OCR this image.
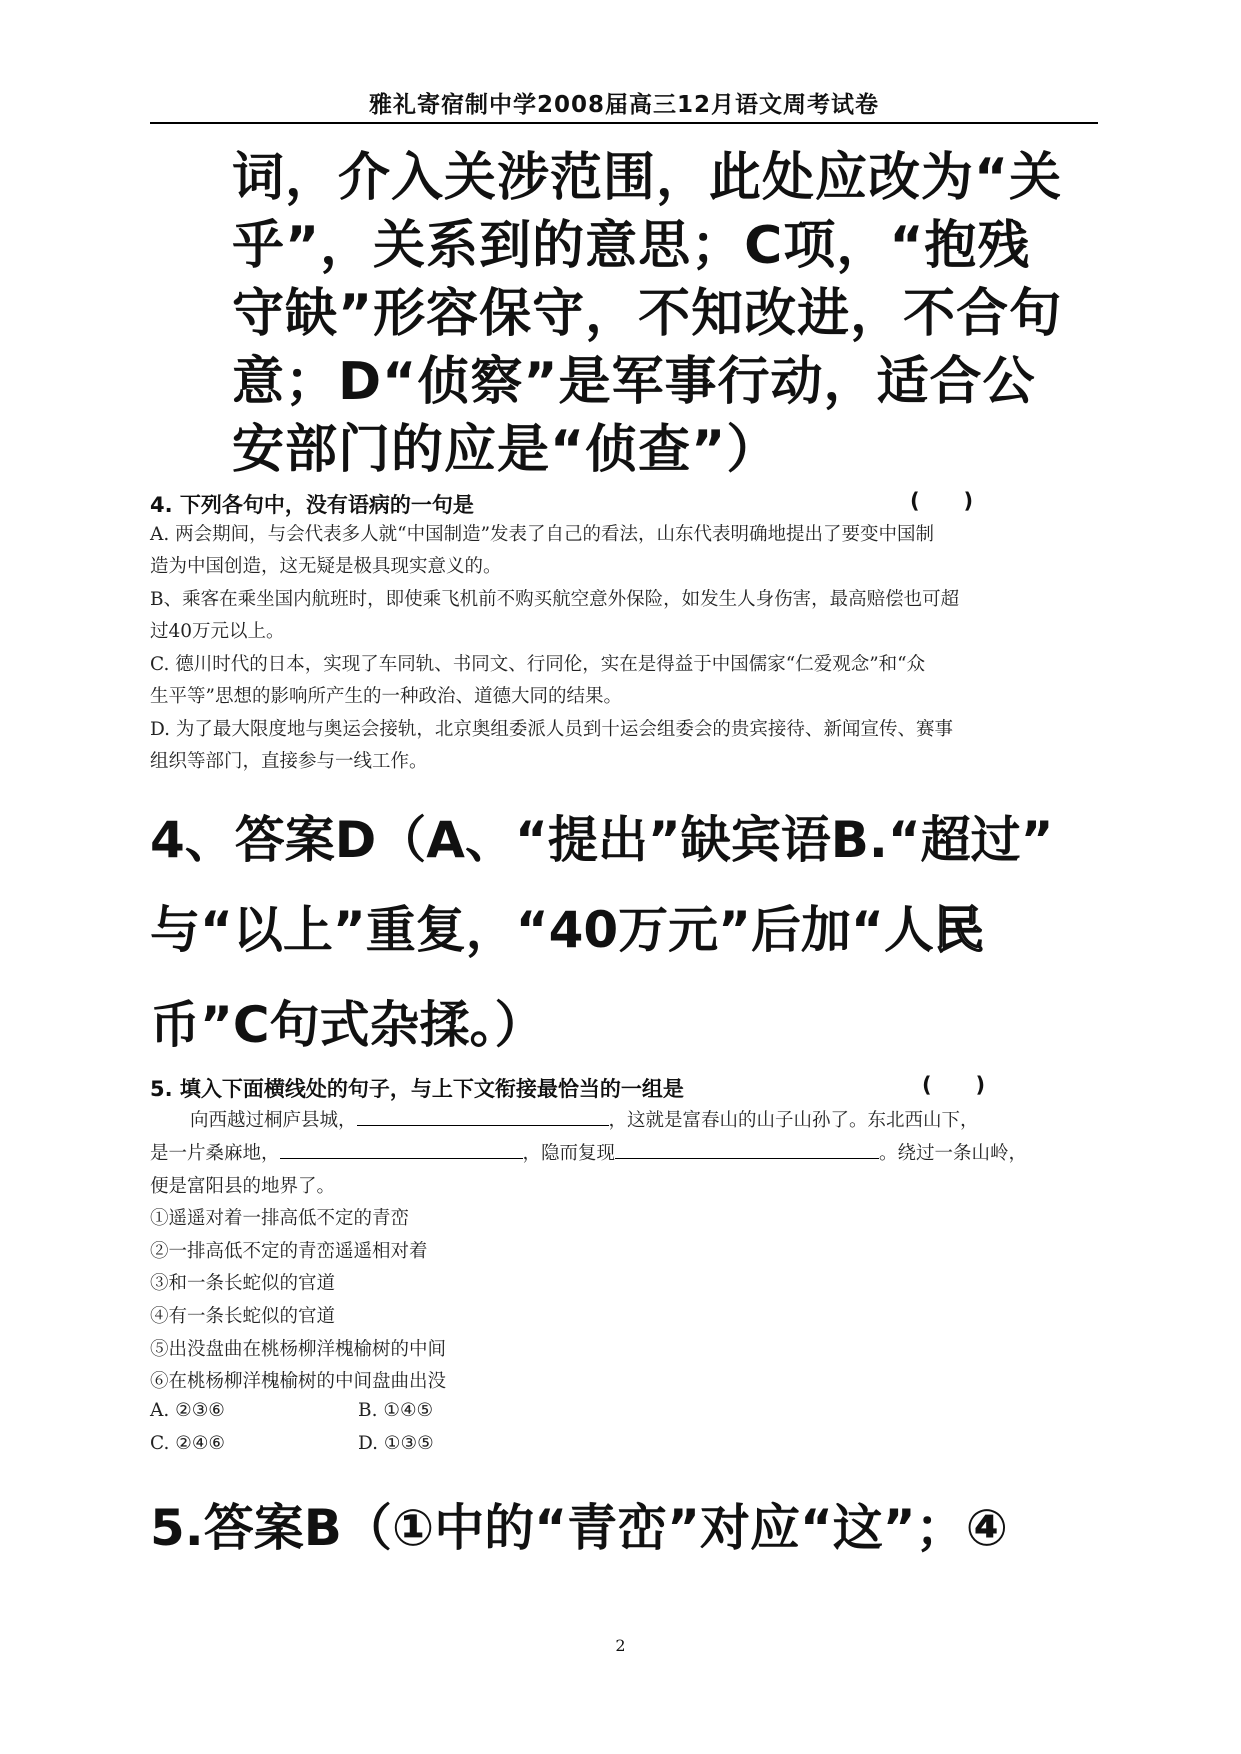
雅礼寄宿制中学2008届高三12月语文周考试卷
词，介入关涉范围，此处应改为“关
乎”，关系到的意思；C项，“抱残
守缺”形容保守，不知改进，不合句
意；D“侦察”是军事行动，适合公
安部门的应是“侦查”）
4. 下列各句中，没有语病的一句是	(      )
A. 两会期间，与会代表多人就“中国制造”发表了自己的看法，山东代表明确地提出了要变中国制
造为中国创造，这无疑是极具现实意义的。
B、乘客在乘坐国内航班时，即使乘飞机前不购买航空意外保险，如发生人身伤害，最高赔偿也可超
过40万元以上。
C. 德川时代的日本，实现了车同轨、书同文、行同伦，实在是得益于中国儒家“仁爱观念”和“众
生平等”思想的影响所产生的一种政治、道德大同的结果。
D. 为了最大限度地与奥运会接轨，北京奥组委派人员到十运会组委会的贵宾接待、新闻宣传、赛事
组织等部门，直接参与一线工作。
4、答案D（A、“提出”缺宾语B.“超过”
与“以上”重复，“40万元”后加“人民
币”C句式杂揉。）
5. 填入下面横线处的句子，与上下文衔接最恰当的一组是	(      )
向西越过桐庐县城，	，这就是富春山的山子山孙了。东北西山下，
是一片桑麻地，	，隐而复现	。绕过一条山岭，
便是富阳县的地界了。
①遥遥对着一排高低不定的青峦
②一排高低不定的青峦遥遥相对着
③和一条长蛇似的官道
④有一条长蛇似的官道
⑤出没盘曲在桃杨柳洋槐榆树的中间
⑥在桃杨柳洋槐榆树的中间盘曲出没
A. ②③⑥	B. ①④⑤
C. ②④⑥	D. ①③⑤
5.答案B（①中的“青峦”对应“这”；④
2
